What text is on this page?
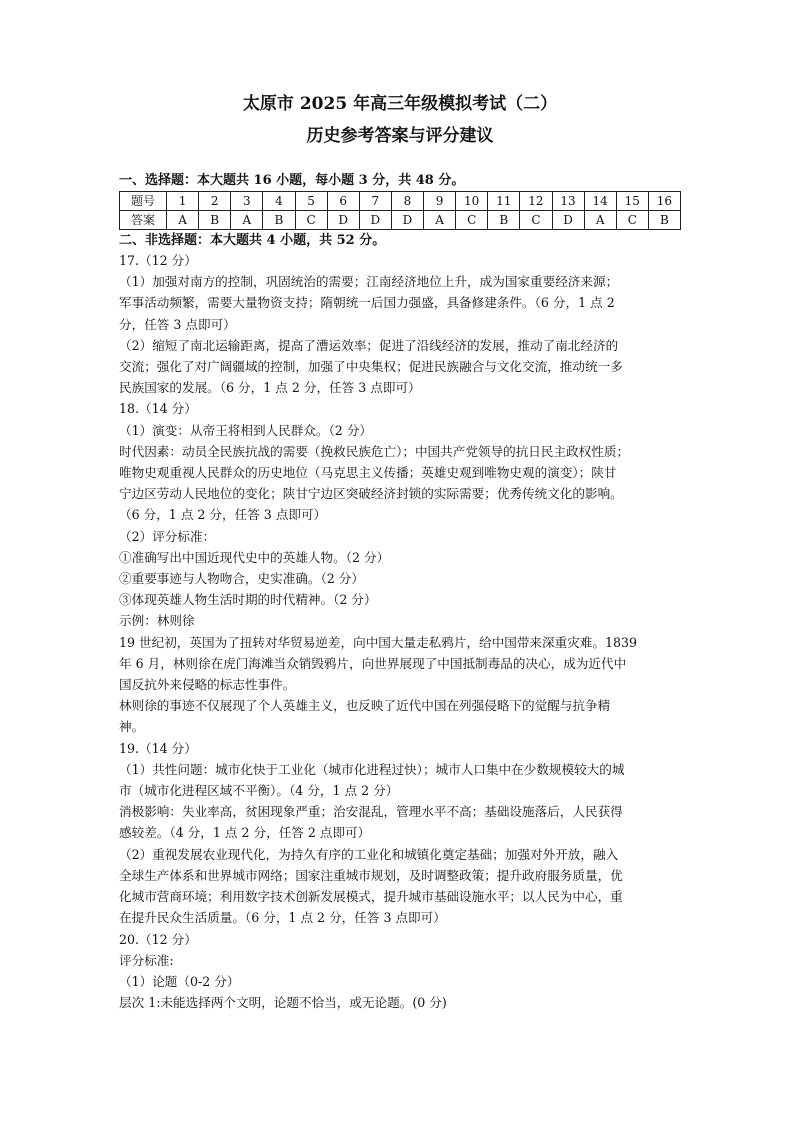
太原市 2025 年高三年级模拟考试（二）
历史参考答案与评分建议

一、选择题：本大题共 16 小题，每小题 3 分，共 48 分。

题号	1	2	3	4	5	6	7	8	9	10	11	12	13	14	15	16
答案	A	B	A	B	C	D	D	D	A	C	B	C	D	A	C	B

二、非选择题：本大题共 4 小题，共 52 分。

17.（12 分）

（1）加强对南方的控制，巩固统治的需要；江南经济地位上升，成为国家重要经济来源；

军事活动频繁，需要大量物资支持；隋朝统一后国力强盛，具备修建条件。（6 分，1 点 2

分，任答 3 点即可）

（2）缩短了南北运输距离，提高了漕运效率；促进了沿线经济的发展，推动了南北经济的

交流；强化了对广阔疆域的控制，加强了中央集权；促进民族融合与文化交流，推动统一多

民族国家的发展。（6 分，1 点 2 分，任答 3 点即可）

18.（14 分）

（1）演变：从帝王将相到人民群众。（2 分）

时代因素：动员全民族抗战的需要（挽救民族危亡）；中国共产党领导的抗日民主政权性质；

唯物史观重视人民群众的历史地位（马克思主义传播；英雄史观到唯物史观的演变）；陕甘

宁边区劳动人民地位的变化；陕甘宁边区突破经济封锁的实际需要；优秀传统文化的影响。

（6 分，1 点 2 分，任答 3 点即可）

（2）评分标准：

①准确写出中国近现代史中的英雄人物。（2 分）

②重要事迹与人物吻合，史实准确。（2 分）

③体现英雄人物生活时期的时代精神。（2 分）

示例：林则徐

19 世纪初，英国为了扭转对华贸易逆差，向中国大量走私鸦片，给中国带来深重灾难。1839

年 6 月，林则徐在虎门海滩当众销毁鸦片，向世界展现了中国抵制毒品的决心，成为近代中

国反抗外来侵略的标志性事件。

林则徐的事迹不仅展现了个人英雄主义，也反映了近代中国在列强侵略下的觉醒与抗争精

神。

19.（14 分）

（1）共性问题：城市化快于工业化（城市化进程过快）；城市人口集中在少数规模较大的城

市（城市化进程区域不平衡）。（4 分，1 点 2 分）

消极影响：失业率高，贫困现象严重；治安混乱，管理水平不高；基础设施落后，人民获得

感较差。（4 分，1 点 2 分，任答 2 点即可）

（2）重视发展农业现代化，为持久有序的工业化和城镇化奠定基础；加强对外开放，融入

全球生产体系和世界城市网络；国家注重城市规划，及时调整政策；提升政府服务质量，优

化城市营商环境；利用数字技术创新发展模式，提升城市基础设施水平；以人民为中心，重

在提升民众生活质量。（6 分，1 点 2 分，任答 3 点即可）

20.（12 分）

评分标准:

（1）论题（0-2 分）

层次 1:未能选择两个文明，论题不恰当，或无论题。(0 分)
